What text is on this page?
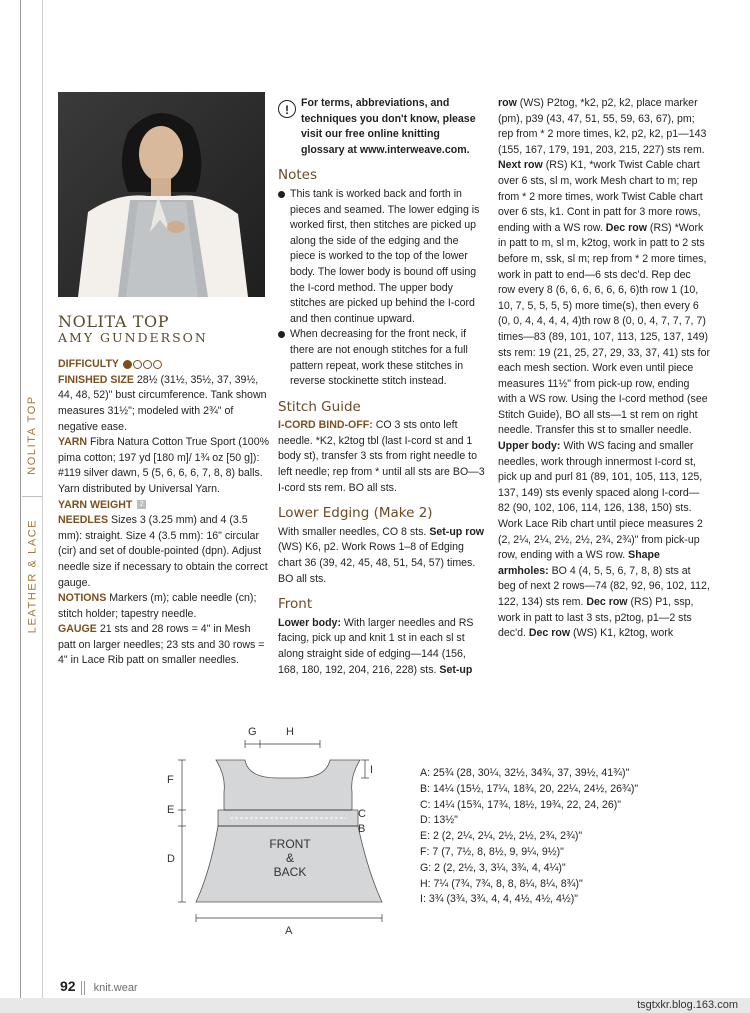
NOLITA TOP
LEATHER & LACE
NOLITA TOP
AMY GUNDERSON

DIFFICULTY

FINISHED SIZE 28½ (31½, 35½, 37, 39½, 44, 48, 52)" bust circumference. Tank shown measures 31½"; modeled with 2¾" of negative ease.

YARN Fibra Natura Cotton True Sport (100% pima cotton; 197 yd [180 m]/ 1¾ oz [50 g]): #119 silver dawn, 5 (5, 6, 6, 6, 7, 8, 8) balls. Yarn distributed by Universal Yarn.

YARN WEIGHT 2

NEEDLES Sizes 3 (3.25 mm) and 4 (3.5 mm): straight. Size 4 (3.5 mm): 16" circular (cir) and set of double-pointed (dpn). Adjust needle size if necessary to obtain the correct gauge.

NOTIONS Markers (m); cable needle (cn); stitch holder; tapestry needle.

GAUGE 21 sts and 28 rows = 4" in Mesh patt on larger needles; 23 sts and 30 rows = 4" in Lace Rib patt on smaller needles.

!	For terms, abbreviations, and techniques you don't know, please visit our free online knitting glossary at www.interweave.com.
Notes

This tank is worked back and forth in pieces and seamed. The lower edging is worked first, then stitches are picked up along the side of the edging and the piece is worked to the top of the lower body. The lower body is bound off using the I-cord method. The upper body stitches are picked up behind the I-cord and then continue upward.

When decreasing for the front neck, if there are not enough stitches for a full pattern repeat, work these stitches in reverse stockinette stitch instead.

Stitch Guide

I-CORD BIND-OFF: CO 3 sts onto left needle. *K2, k2tog tbl (last I-cord st and 1 body st), transfer 3 sts from right needle to left needle; rep from * until all sts are BO—3 I-cord sts rem. BO all sts.

Lower Edging (Make 2)

With smaller needles, CO 8 sts. Set-up row (WS) K6, p2. Work Rows 1–8 of Edging chart 36 (39, 42, 45, 48, 51, 54, 57) times. BO all sts.

Front

Lower body: With larger needles and RS facing, pick up and knit 1 st in each sl st along straight side of edging—144 (156, 168, 180, 192, 204, 216, 228) sts. Set-up

row (WS) P2tog, *k2, p2, k2, place marker (pm), p39 (43, 47, 51, 55, 59, 63, 67), pm; rep from * 2 more times, k2, p2, k2, p1—143 (155, 167, 179, 191, 203, 215, 227) sts rem. Next row (RS) K1, *work Twist Cable chart over 6 sts, sl m, work Mesh chart to m; rep from * 2 more times, work Twist Cable chart over 6 sts, k1. Cont in patt for 3 more rows, ending with a WS row. Dec row (RS) *Work in patt to m, sl m, k2tog, work in patt to 2 sts before m, ssk, sl m; rep from * 2 more times, work in patt to end—6 sts dec'd. Rep dec row every 8 (6, 6, 6, 6, 6, 6, 6)th row 1 (10, 10, 7, 5, 5, 5, 5) more time(s), then every 6 (0, 0, 4, 4, 4, 4, 4)th row 8 (0, 0, 4, 7, 7, 7, 7) times—83 (89, 101, 107, 113, 125, 137, 149) sts rem: 19 (21, 25, 27, 29, 33, 37, 41) sts for each mesh section. Work even until piece measures 11½" from pick-up row, ending with a WS row. Using the I-cord method (see Stitch Guide), BO all sts—1 st rem on right needle. Transfer this st to smaller needle. Upper body: With WS facing and smaller needles, work through innermost I-cord st, pick up and purl 81 (89, 101, 105, 113, 125, 137, 149) sts evenly spaced along I-cord—82 (90, 102, 106, 114, 126, 138, 150) sts. Work Lace Rib chart until piece measures 2 (2, 2¼, 2¼, 2½, 2½, 2¾, 2¾)" from pick-up row, ending with a WS row. Shape armholes: BO 4 (4, 5, 5, 6, 7, 8, 8) sts at beg of next 2 rows—74 (82, 92, 96, 102, 112, 122, 134) sts rem. Dec row (RS) P1, ssp, work in patt to last 3 sts, p2tog, p1—2 sts dec'd. Dec row (WS) K1, k2tog, work

G	H
I
F
E	C
B
D
A
FRONT
&
BACK
A: 25¾ (28, 30¼, 32½, 34¾, 37, 39½, 41¾)"
B: 14¼ (15½, 17¼, 18¾, 20, 22¼, 24½, 26¾)"
C: 14¼ (15¾, 17¾, 18½, 19¾, 22, 24, 26)"
D: 13½"
E: 2 (2, 2¼, 2¼, 2½, 2½, 2¾, 2¾)"
F: 7 (7, 7½, 8, 8½, 9, 9¼, 9½)"
G: 2 (2, 2½, 3, 3¼, 3¾, 4, 4¼)"
H: 7¼ (7¾, 7¾, 8, 8, 8¼, 8¼, 8¾)"
I: 3¾ (3¾, 3¾, 4, 4, 4½, 4½, 4½)"
92 knit.wear
tsgtxkr.blog.163.com
